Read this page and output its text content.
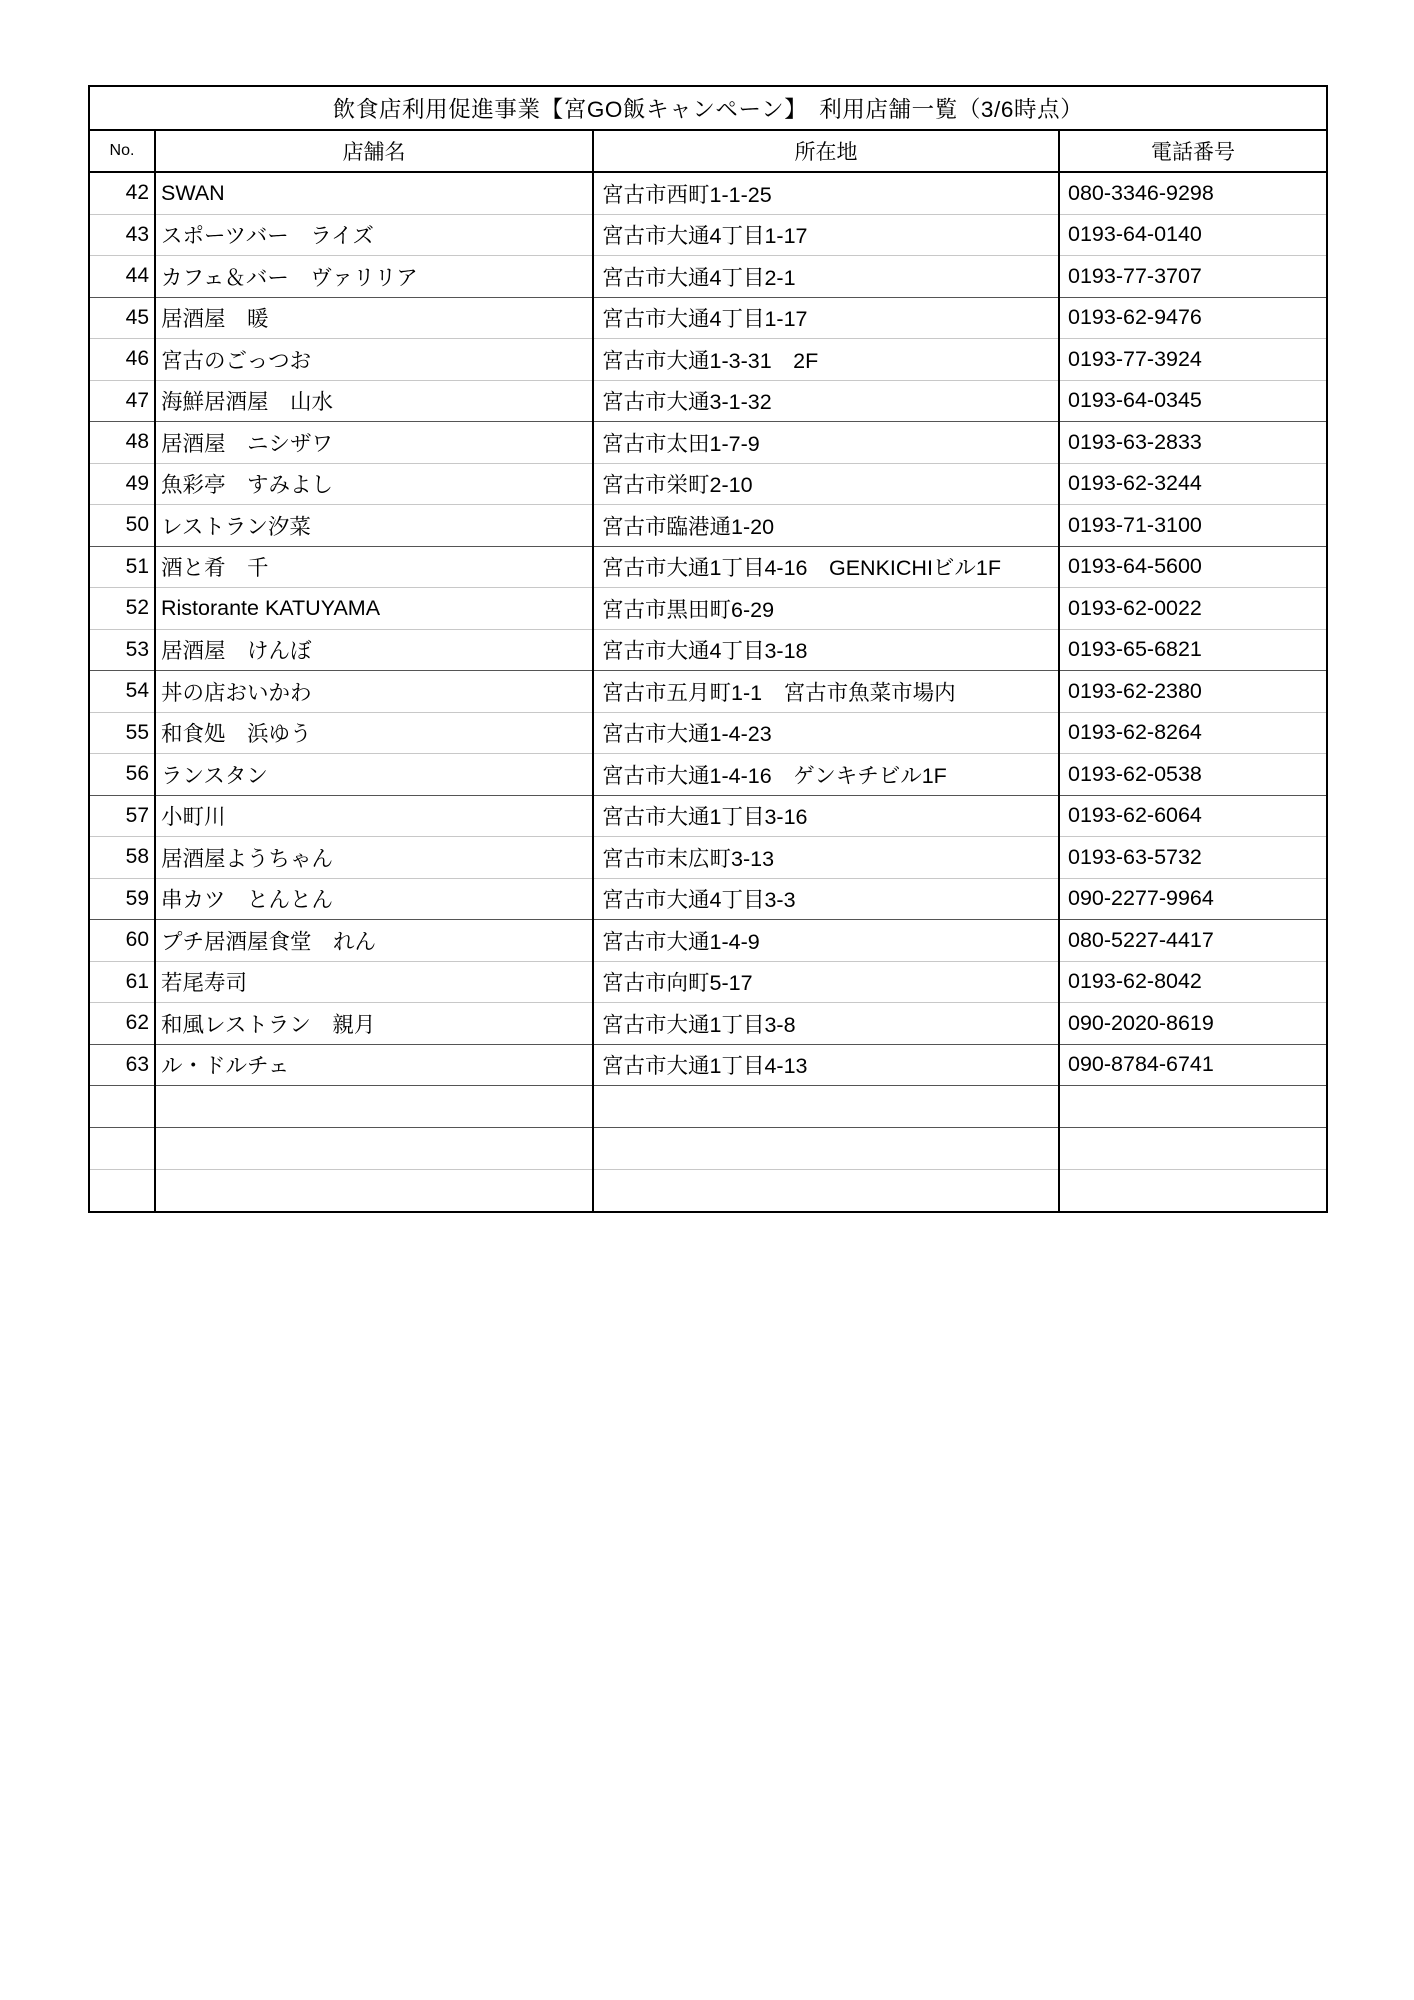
飲食店利用促進事業【宮GO飯キャンペーン】　利用店舗一覧（3/6時点）			
No.	店舗名	所在地	電話番号
42	SWAN	宮古市西町1-1-25	080-3346-9298
43	スポーツバー　ライズ	宮古市大通4丁目1-17	0193-64-0140
44	カフェ＆バー　ヴァリリア	宮古市大通4丁目2-1	0193-77-3707
45	居酒屋　暖	宮古市大通4丁目1-17	0193-62-9476
46	宮古のごっつお	宮古市大通1-3-31　2F	0193-77-3924
47	海鮮居酒屋　山水	宮古市大通3-1-32	0193-64-0345
48	居酒屋　ニシザワ	宮古市太田1-7-9	0193-63-2833
49	魚彩亭　すみよし	宮古市栄町2-10	0193-62-3244
50	レストラン汐菜	宮古市臨港通1-20	0193-71-3100
51	酒と肴　千	宮古市大通1丁目4-16　GENKICHIビル1F	0193-64-5600
52	Ristorante KATUYAMA	宮古市黒田町6-29	0193-62-0022
53	居酒屋　けんぼ	宮古市大通4丁目3-18	0193-65-6821
54	丼の店おいかわ	宮古市五月町1-1　宮古市魚菜市場内	0193-62-2380
55	和食処　浜ゆう	宮古市大通1-4-23	0193-62-8264
56	ランスタン	宮古市大通1-4-16　ゲンキチビル1F	0193-62-0538
57	小町川	宮古市大通1丁目3-16	0193-62-6064
58	居酒屋ようちゃん	宮古市末広町3-13	0193-63-5732
59	串カツ　とんとん	宮古市大通4丁目3-3	090-2277-9964
60	プチ居酒屋食堂　れん	宮古市大通1-4-9	080-5227-4417
61	若尾寿司	宮古市向町5-17	0193-62-8042
62	和風レストラン　親月	宮古市大通1丁目3-8	090-2020-8619
63	ル・ドルチェ	宮古市大通1丁目4-13	090-8784-6741
